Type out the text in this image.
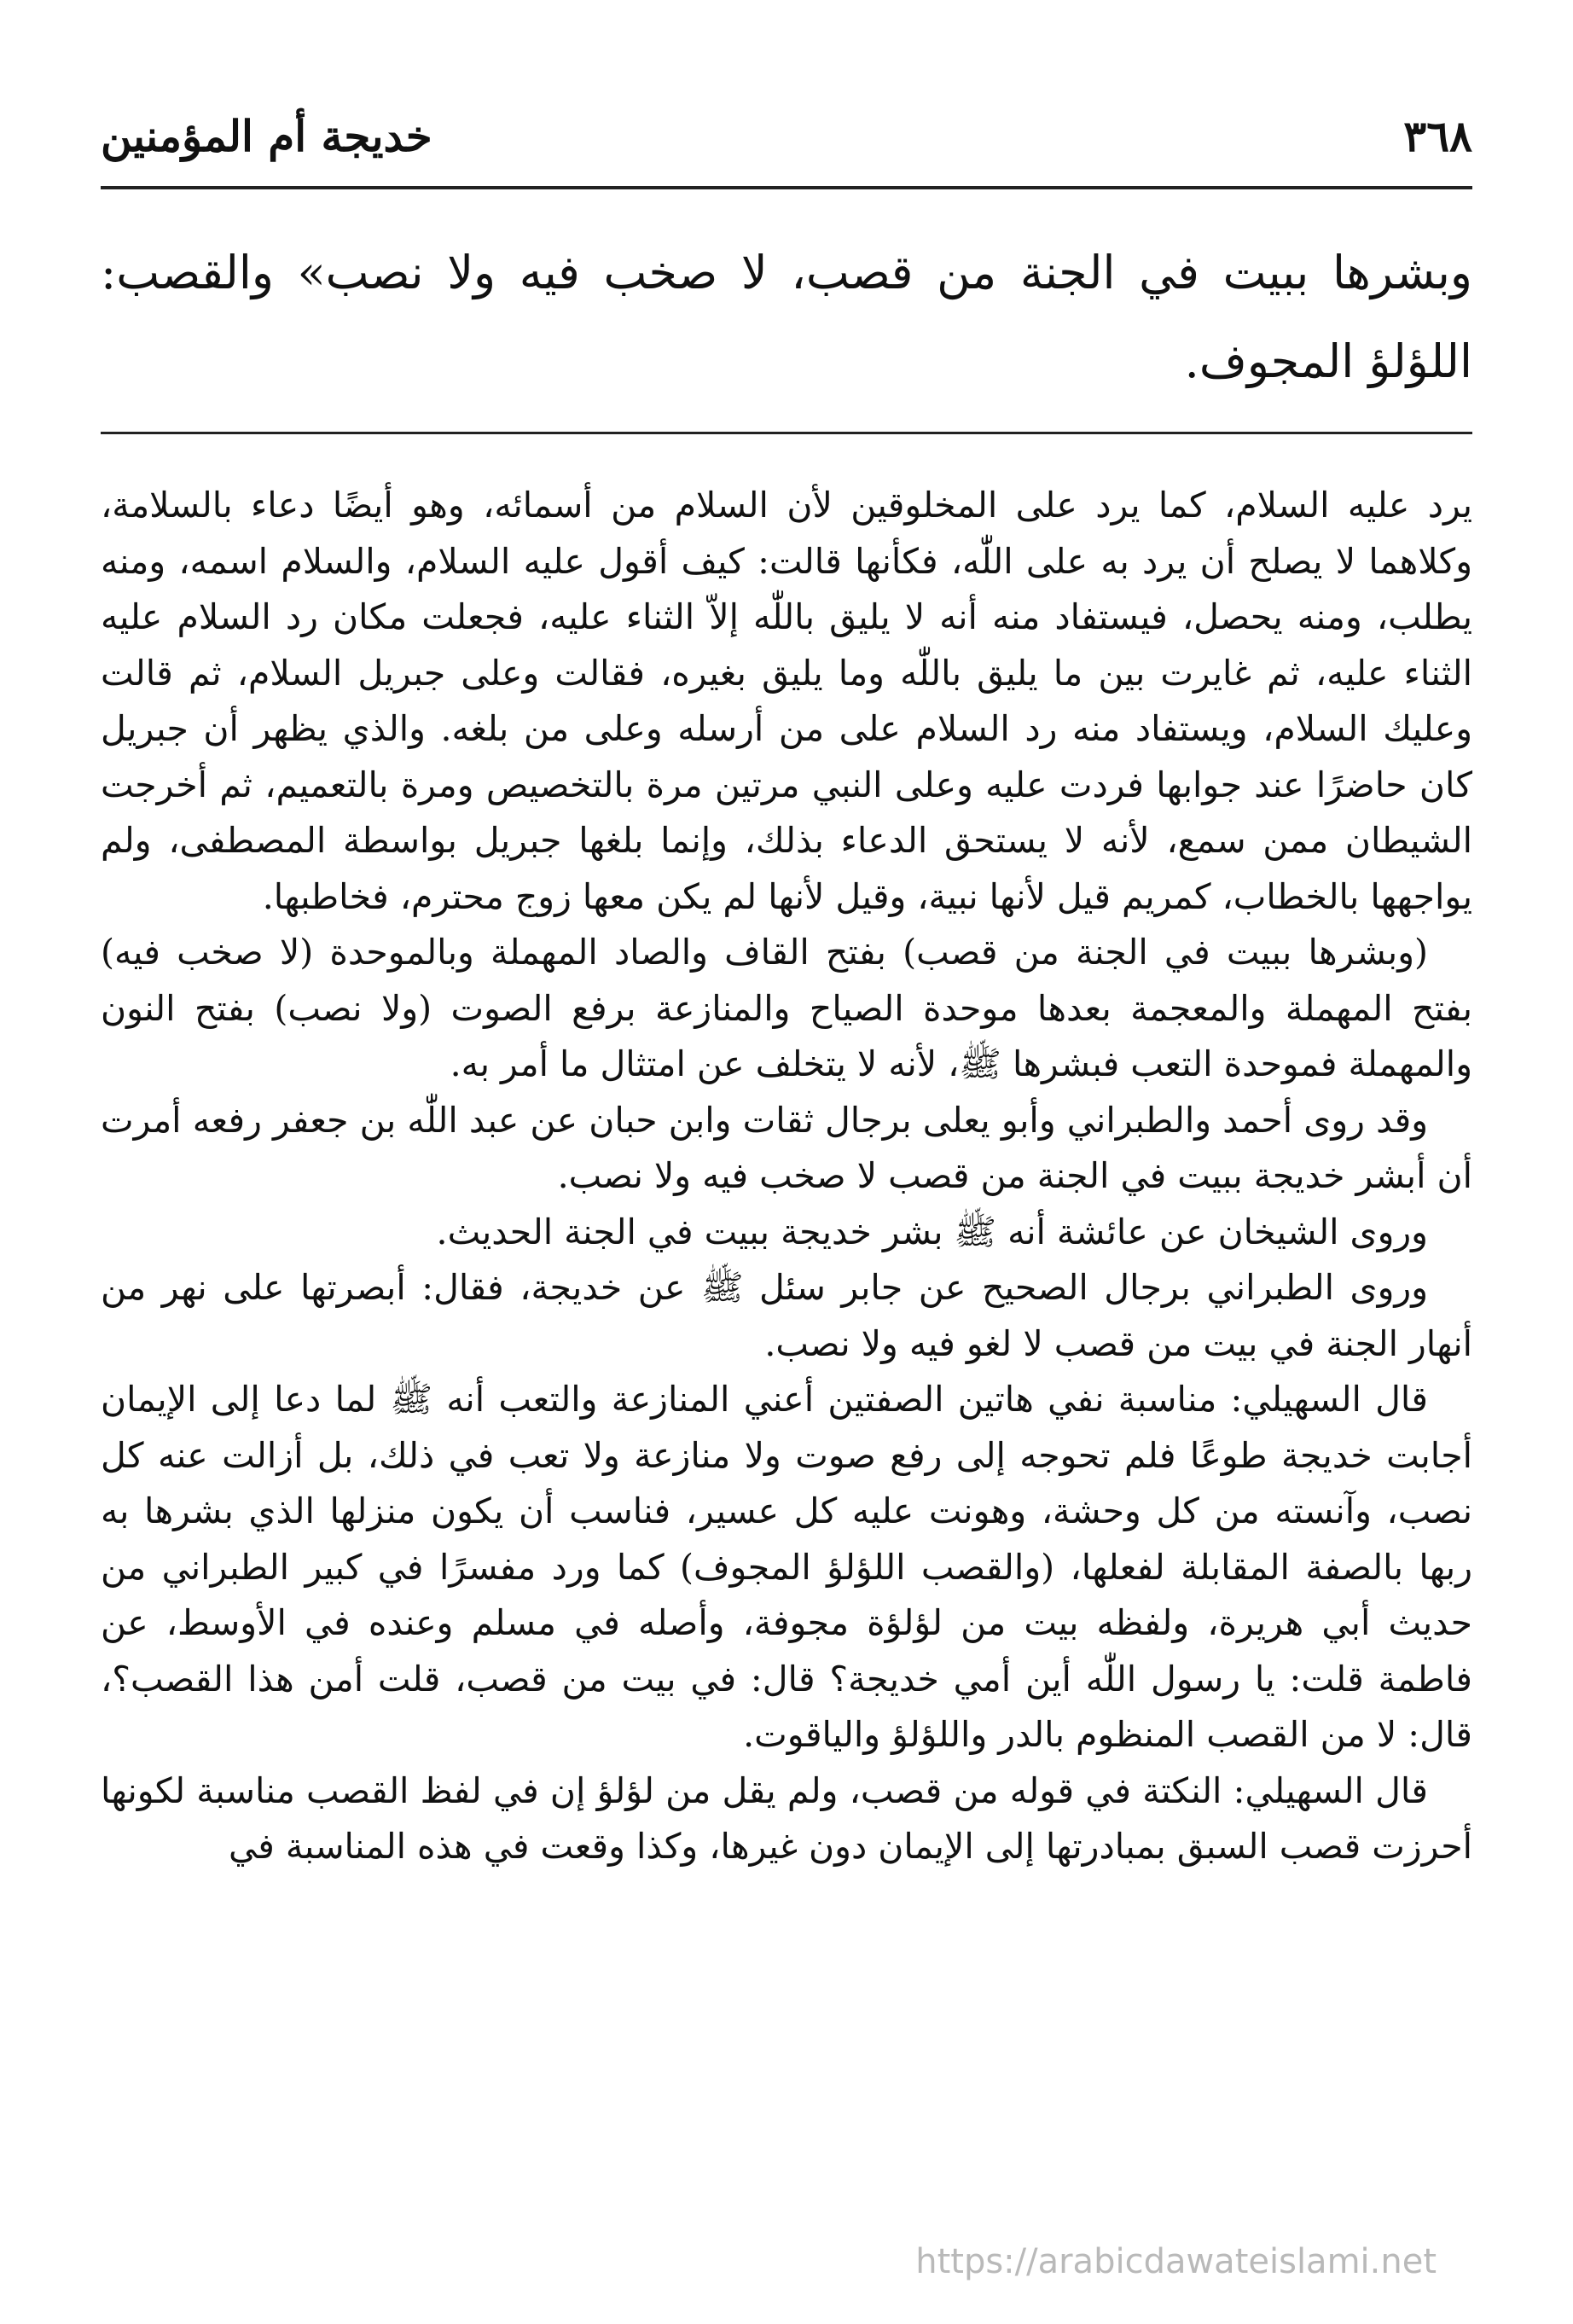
٣٦٨
خديجة أم المؤمنين

وبشرها ببيت في الجنة من قصب، لا صخب فيه ولا نصب» والقصب: اللؤلؤ المجوف.

يرد عليه السلام، كما يرد على المخلوقين لأن السلام من أسمائه، وهو أيضًا دعاء بالسلامة، وكلاهما لا يصلح أن يرد به على اللّٰه، فكأنها قالت: كيف أقول عليه السلام، والسلام اسمه، ومنه يطلب، ومنه يحصل، فيستفاد منه أنه لا يليق باللّٰه إلاّ الثناء عليه، فجعلت مكان رد السلام عليه الثناء عليه، ثم غايرت بين ما يليق باللّٰه وما يليق بغيره، فقالت وعلى جبريل السلام، ثم قالت وعليك السلام، ويستفاد منه رد السلام على من أرسله وعلى من بلغه. والذي يظهر أن جبريل كان حاضرًا عند جوابها فردت عليه وعلى النبي مرتين مرة بالتخصيص ومرة بالتعميم، ثم أخرجت الشيطان ممن سمع، لأنه لا يستحق الدعاء بذلك، وإنما بلغها جبريل بواسطة المصطفى، ولم يواجهها بالخطاب، كمريم قيل لأنها نبية، وقيل لأنها لم يكن معها زوج محترم، فخاطبها.

(وبشرها ببيت في الجنة من قصب) بفتح القاف والصاد المهملة وبالموحدة (لا صخب فيه) بفتح المهملة والمعجمة بعدها موحدة الصياح والمنازعة برفع الصوت (ولا نصب) بفتح النون والمهملة فموحدة التعب فبشرها ﷺ، لأنه لا يتخلف عن امتثال ما أمر به.

وقد روى أحمد والطبراني وأبو يعلى برجال ثقات وابن حبان عن عبد اللّٰه بن جعفر رفعه أمرت أن أبشر خديجة ببيت في الجنة من قصب لا صخب فيه ولا نصب.

وروى الشيخان عن عائشة أنه ﷺ بشر خديجة ببيت في الجنة الحديث.

وروى الطبراني برجال الصحيح عن جابر سئل ﷺ عن خديجة، فقال: أبصرتها على نهر من أنهار الجنة في بيت من قصب لا لغو فيه ولا نصب.

قال السهيلي: مناسبة نفي هاتين الصفتين أعني المنازعة والتعب أنه ﷺ لما دعا إلى الإيمان أجابت خديجة طوعًا فلم تحوجه إلى رفع صوت ولا منازعة ولا تعب في ذلك، بل أزالت عنه كل نصب، وآنسته من كل وحشة، وهونت عليه كل عسير، فناسب أن يكون منزلها الذي بشرها به ربها بالصفة المقابلة لفعلها، (والقصب اللؤلؤ المجوف) كما ورد مفسرًا في كبير الطبراني من حديث أبي هريرة، ولفظه بيت من لؤلؤة مجوفة، وأصله في مسلم وعنده في الأوسط، عن فاطمة قلت: يا رسول اللّٰه أين أمي خديجة؟ قال: في بيت من قصب، قلت أمن هذا القصب؟، قال: لا من القصب المنظوم بالدر واللؤلؤ والياقوت.

قال السهيلي: النكتة في قوله من قصب، ولم يقل من لؤلؤ إن في لفظ القصب مناسبة لكونها أحرزت قصب السبق بمبادرتها إلى الإيمان دون غيرها، وكذا وقعت في هذه المناسبة في

https://arabicdawateislami.net
